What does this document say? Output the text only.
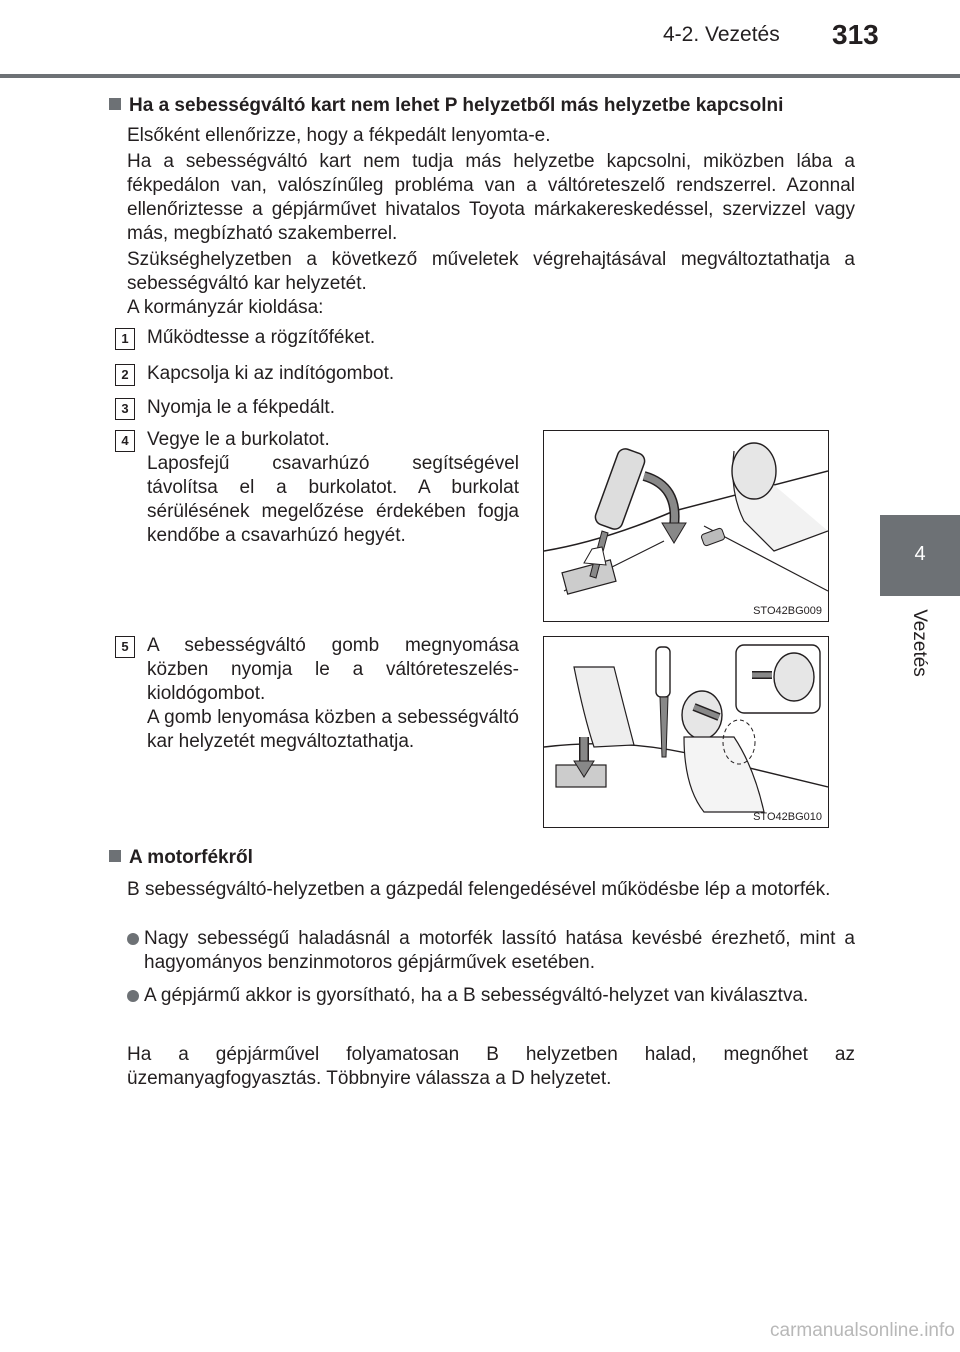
4-2. Vezetés 313
4
Vezetés
Ha a sebességváltó kart nem lehet P helyzetből más helyzetbe kapcsolni
Elsőként ellenőrizze, hogy a fékpedált lenyomta-e.
Ha a sebességváltó kart nem tudja más helyzetbe kapcsolni, miközben lába a fékpedálon van, valószínűleg probléma van a váltóreteszelő rendszerrel. Azonnal ellenőriztesse a gépjárművet hivatalos Toyota márkakereskedéssel, szervizzel vagy más, megbízható szakemberrel.
Szükséghelyzetben a következő műveletek végrehajtásával megváltoztathatja a sebességváltó kar helyzetét.
A kormányzár kioldása:
1 Működtesse a rögzítőféket.
2 Kapcsolja ki az indítógombot.
3 Nyomja le a fékpedált.
4 Vegye le a burkolatot.
Laposfejű csavarhúzó segítségével távolítsa el a burkolatot. A burkolat sérülésének megelőzése érdekében fogja kendőbe a csavarhúzó hegyét.
5 A sebességváltó gomb megnyomása közben nyomja le a váltóreteszelés-kioldógombot.
A gomb lenyomása közben a sebességváltó kar helyzetét megváltoztathatja.
STO42BG009
STO42BG010
A motorfékről
B sebességváltó-helyzetben a gázpedál felengedésével működésbe lép a motorfék.
Nagy sebességű haladásnál a motorfék lassító hatása kevésbé érezhető, mint a hagyományos benzinmotoros gépjárművek esetében.
A gépjármű akkor is gyorsítható, ha a B sebességváltó-helyzet van kiválasztva.
Ha a gépjárművel folyamatosan B helyzetben halad, megnőhet az üzemanyagfogyasztás. Többnyire válassza a D helyzetet.
carmanualsonline.info
